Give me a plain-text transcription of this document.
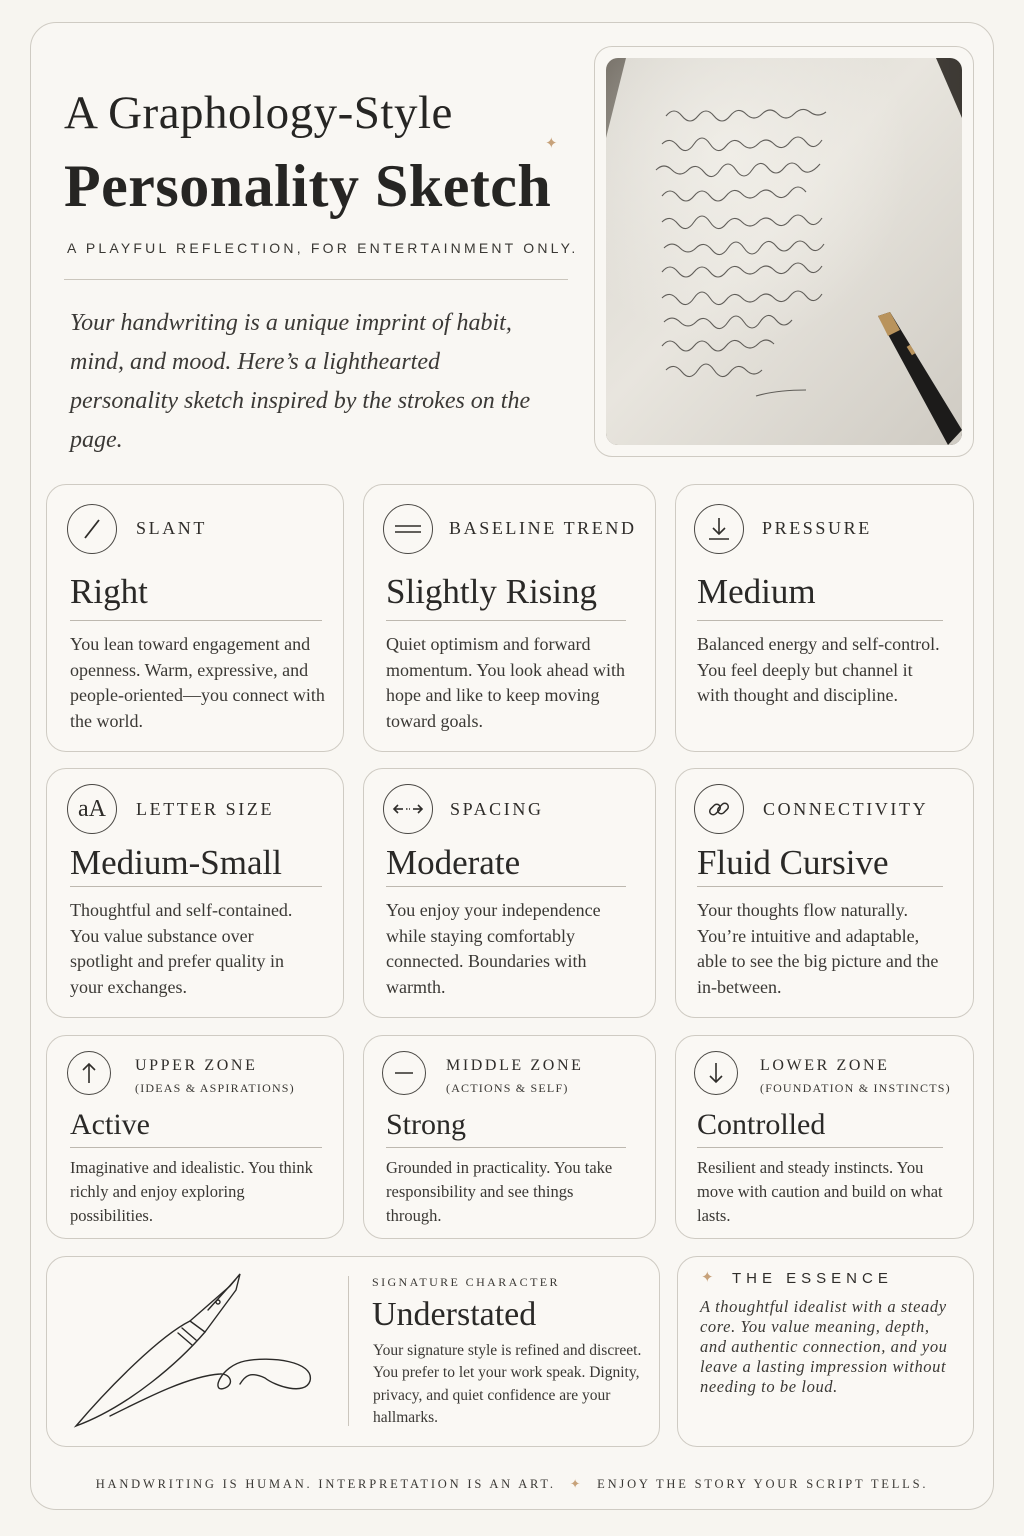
A Graphology-Style
Personality Sketch
✦
A PLAYFUL REFLECTION, FOR ENTERTAINMENT ONLY.

Your handwriting is a unique imprint of habit, mind, and mood. Here’s a lighthearted personality sketch inspired by the strokes on the page.

SLANT
Right

You lean toward engagement and openness. Warm, expressive, and people-oriented—you connect with the world.

BASELINE TREND
Slightly Rising

Quiet optimism and forward momentum. You look ahead with hope and like to keep moving toward goals.

PRESSURE
Medium

Balanced energy and self-control. You feel deeply but channel it with thought and discipline.

aA	LETTER SIZE
Medium-Small

Thoughtful and self-contained. You value substance over spotlight and prefer quality in your exchanges.

SPACING
Moderate

You enjoy your independence while staying comfortably connected. Boundaries with warmth.

CONNECTIVITY
Fluid Cursive

Your thoughts flow naturally. You’re intuitive and adaptable, able to see the big picture and the in-between.

UPPER ZONE
(IDEAS & ASPIRATIONS)
Active

Imaginative and idealistic. You think richly and enjoy exploring possibilities.

MIDDLE ZONE
(ACTIONS & SELF)
Strong

Grounded in practicality. You take responsibility and see things through.

LOWER ZONE
(FOUNDATION & INSTINCTS)
Controlled

Resilient and steady instincts. You move with caution and build on what lasts.

SIGNATURE CHARACTER
Understated

Your signature style is refined and discreet. You prefer to let your work speak. Dignity, privacy, and quiet confidence are your hallmarks.

✦ THE ESSENCE

A thoughtful idealist with a steady core. You value meaning, depth, and authentic connection, and you leave a lasting impression without needing to be loud.

HANDWRITING IS HUMAN. INTERPRETATION IS AN ART. ✦ ENJOY THE STORY YOUR SCRIPT TELLS.
